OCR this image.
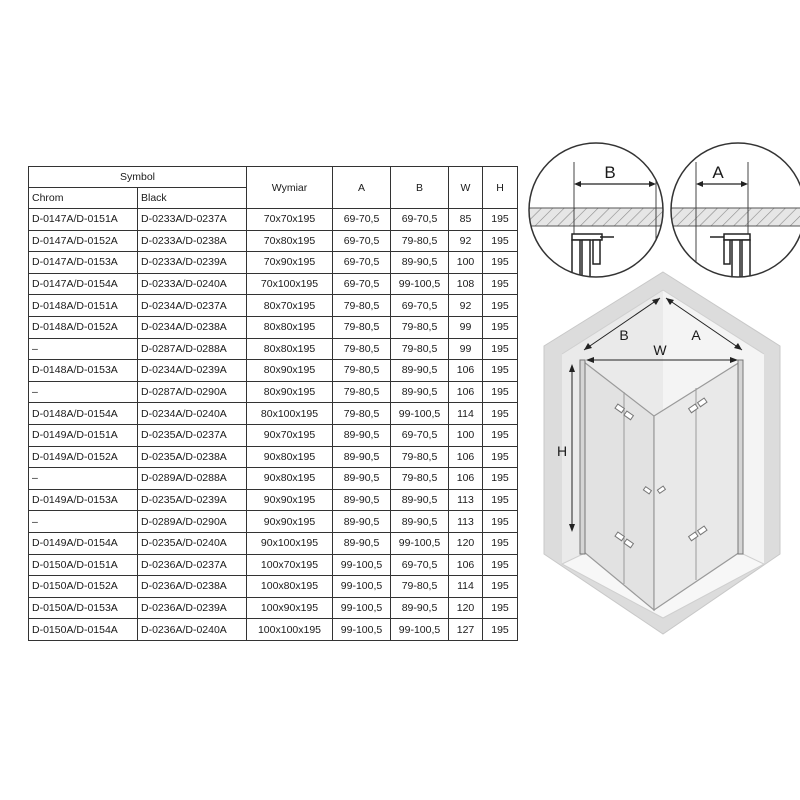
Symbol		Wymiar	A	B	W	H
Chrom	Black					
D-0147A/D-0151A	D-0233A/D-0237A	70x70x195	69-70,5	69-70,5	85	195
D-0147A/D-0152A	D-0233A/D-0238A	70x80x195	69-70,5	79-80,5	92	195
D-0147A/D-0153A	D-0233A/D-0239A	70x90x195	69-70,5	89-90,5	100	195
D-0147A/D-0154A	D-0233A/D-0240A	70x100x195	69-70,5	99-100,5	108	195
D-0148A/D-0151A	D-0234A/D-0237A	80x70x195	79-80,5	69-70,5	92	195
D-0148A/D-0152A	D-0234A/D-0238A	80x80x195	79-80,5	79-80,5	99	195
–	D-0287A/D-0288A	80x80x195	79-80,5	79-80,5	99	195
D-0148A/D-0153A	D-0234A/D-0239A	80x90x195	79-80,5	89-90,5	106	195
–	D-0287A/D-0290A	80x90x195	79-80,5	89-90,5	106	195
D-0148A/D-0154A	D-0234A/D-0240A	80x100x195	79-80,5	99-100,5	114	195
D-0149A/D-0151A	D-0235A/D-0237A	90x70x195	89-90,5	69-70,5	100	195
D-0149A/D-0152A	D-0235A/D-0238A	90x80x195	89-90,5	79-80,5	106	195
–	D-0289A/D-0288A	90x80x195	89-90,5	79-80,5	106	195
D-0149A/D-0153A	D-0235A/D-0239A	90x90x195	89-90,5	89-90,5	113	195
–	D-0289A/D-0290A	90x90x195	89-90,5	89-90,5	113	195
D-0149A/D-0154A	D-0235A/D-0240A	90x100x195	89-90,5	99-100,5	120	195
D-0150A/D-0151A	D-0236A/D-0237A	100x70x195	99-100,5	69-70,5	106	195
D-0150A/D-0152A	D-0236A/D-0238A	100x80x195	99-100,5	79-80,5	114	195
D-0150A/D-0153A	D-0236A/D-0239A	100x90x195	99-100,5	89-90,5	120	195
D-0150A/D-0154A	D-0236A/D-0240A	100x100x195	99-100,5	99-100,5	127	195
B	A
B	A
W
H
